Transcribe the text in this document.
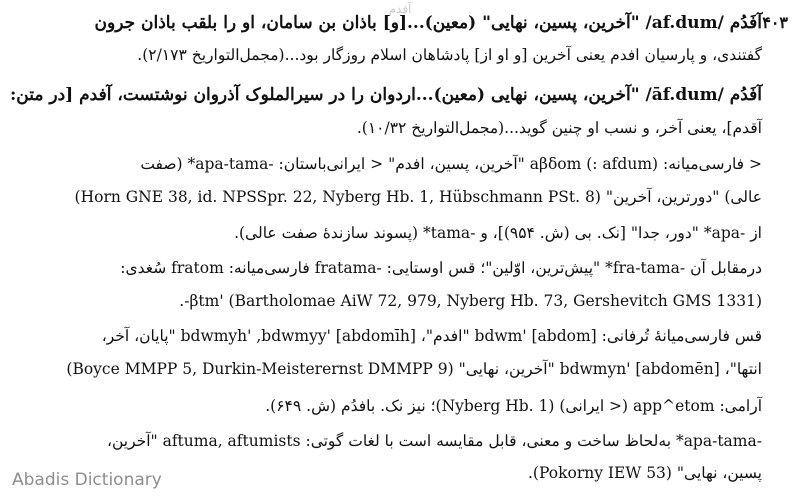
آفدم
۴۰۳
آفَدُم /af.dum/ "آخرین، پسین، نهایی" (معین)...[و] باذان بن سامان، او را بلقب باذان جرون
گفتندی، و پارسیان افدم یعنی آخرین [و او از] پادشاهان اسلام روزگار بود...(مجمل‌التواریخ ۲/۱۷۳).
آفَدُم /āf.dum/ "آخرین، پسین، نهایی (معین)...اردوان را در سیرالملوک آذروان نوشتست، آفدم [در متن:
آقدم]، یعنی آخر، و نسب او چنین گوید...(مجمل‌التواریخ ۱۰/۳۲).
< فارسی‌میانه: aβδom (: afdum) "آخرین، پسین، افدم" < ایرانی‌باستان: -apa-tama* (صفت
عالی) "دورترین، آخرین" (Horn GNE 38, id. NPSSpr. 22, Nyberg Hb. 1, Hübschmann PSt. 8)
از -apa* "دور، جدا" [نک. بی (ش. ۹۵۴)]، و -tama* (پسوند سازندهٔ صفت عالی).
درمقابل آن -fra-tama* "پیش‌ترین، اوّلین"؛ قس اوستایی: -fratama فارسی‌میانه: fratom سُغدی:
(Bartholomae AiW 72, 979, Nyberg Hb. 73, Gershevitch GMS 1331) 'βtm-.
قس فارسی‌میانهٔ تُرفانی: bdwm' [abdom] "افدم"، bdwmyh' ,bdwmyy' [abdomīh] "پایان، آخر،
انتها"، bdwmyn' [abdomēn] "آخرین، نهایی" (Boyce MMPP 5, Durkin-Meisterernst DMMPP 9)
آرامی: app^etom (< ایرانی) (Nyberg Hb. 1)؛ نیز نک. بافدُم (ش. ۶۴۹).
-apa-tama* به‌لحاظ ساخت و معنی، قابل مقایسه است با لغات گوتی: aftuma, aftumists "آخرین،
پسین، نهایی" (Pokorny IEW 53).
Abadis Dictionary
